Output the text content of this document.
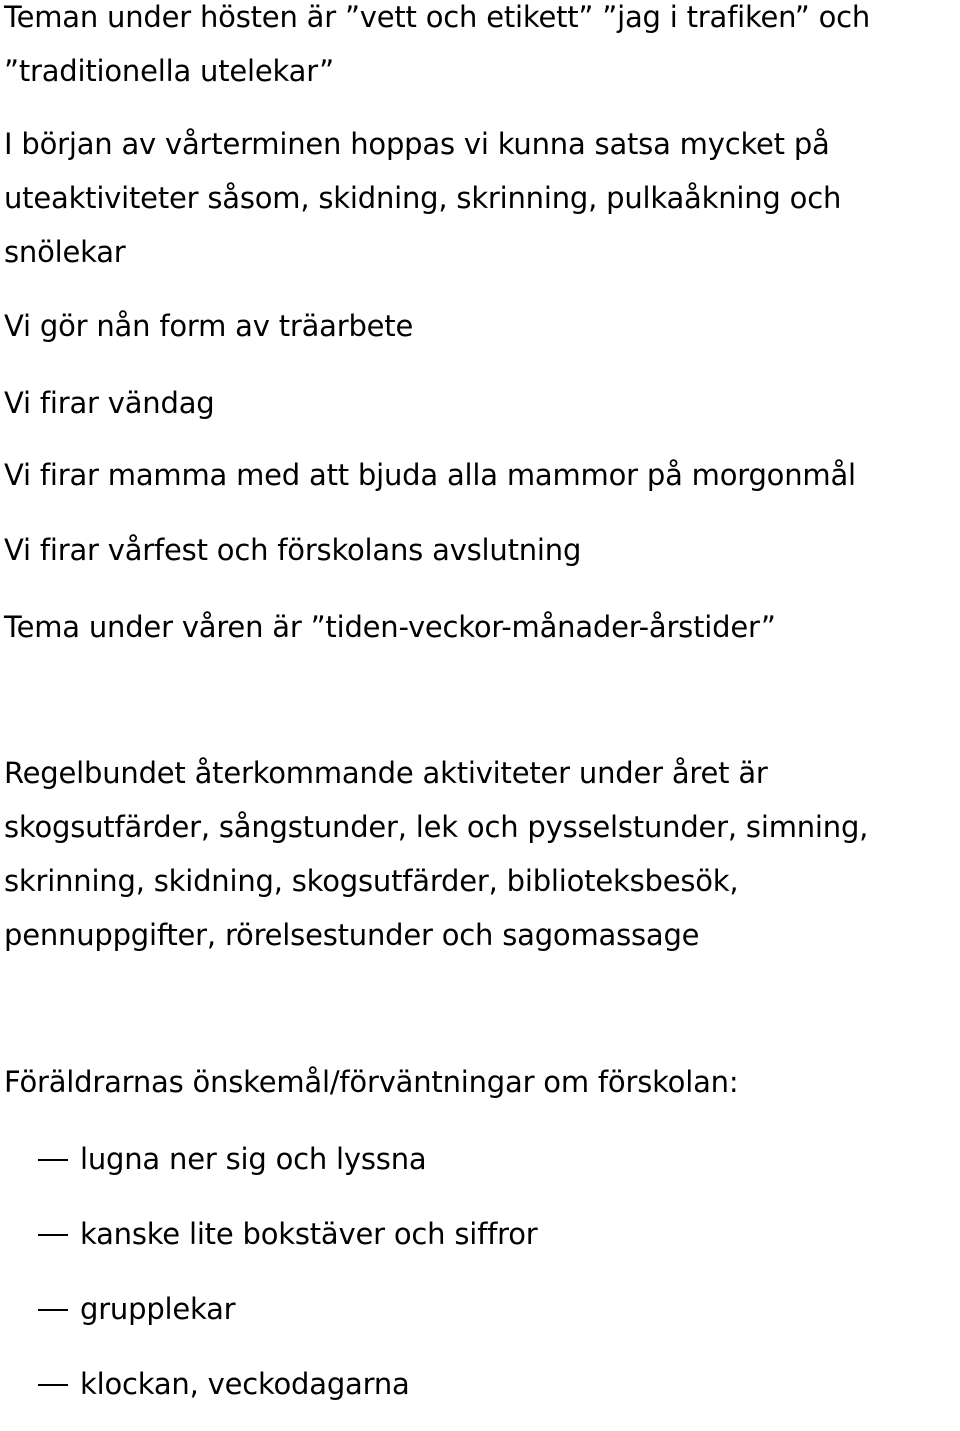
Teman under hösten är ”vett och etikett” ”jag i trafiken” och ”traditionella utelekar”

I början av vårterminen hoppas vi kunna satsa mycket på uteaktiviteter såsom, skidning, skrinning, pulkaåkning och snölekar

Vi gör nån form av träarbete

Vi firar vändag

Vi firar mamma med att bjuda alla mammor på morgonmål

Vi firar vårfest och förskolans avslutning

Tema under våren är ”tiden-veckor-månader-årstider”

Regelbundet återkommande aktiviteter under året är skogsutfärder, sångstunder, lek och pysselstunder, simning, skrinning, skidning, skogsutfärder, biblioteksbesök, pennuppgifter, rörelsestunder och sagomassage

Föräldrarnas önskemål/förväntningar om förskolan:

lugna ner sig och lyssna
kanske lite bokstäver och siffror
grupplekar
klockan, veckodagarna
